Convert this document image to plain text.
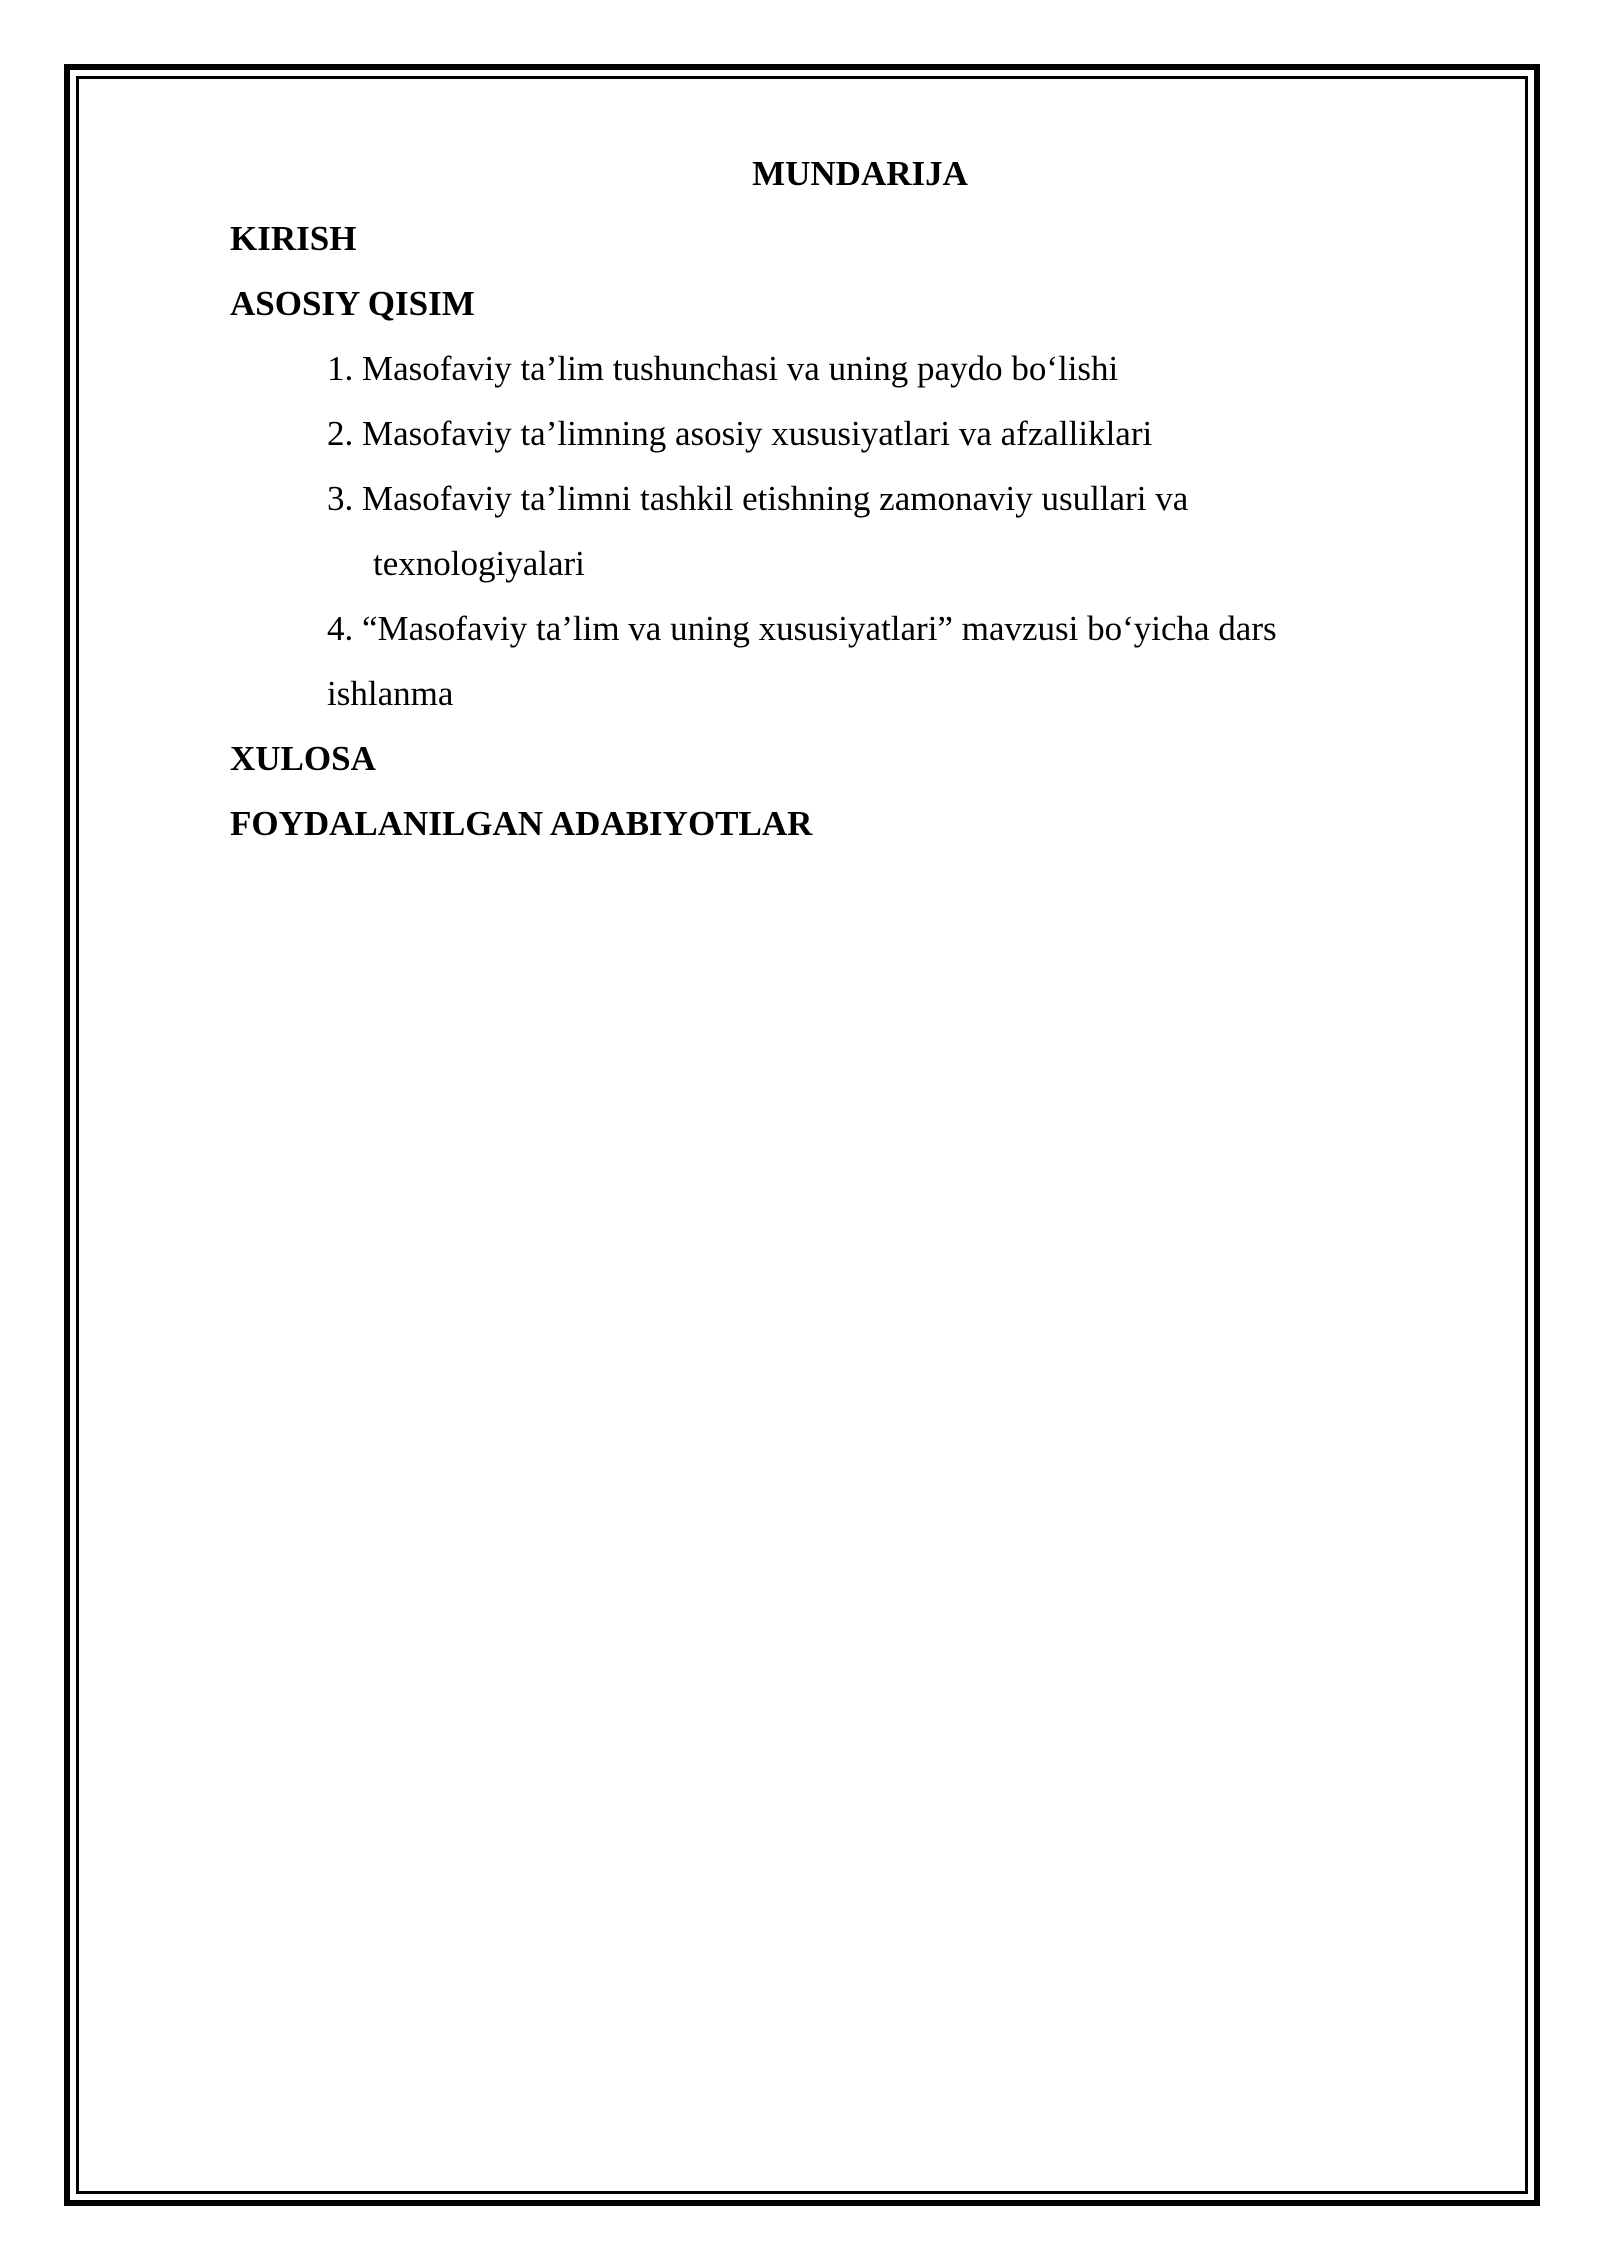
MUNDARIJA
KIRISH
ASOSIY QISIM
1. Masofaviy ta’lim tushunchasi va uning paydo bo‘lishi
2. Masofaviy ta’limning asosiy xususiyatlari va afzalliklari
3. Masofaviy ta’limni tashkil etishning zamonaviy usullari va
texnologiyalari
4. “Masofaviy ta’lim va uning xususiyatlari” mavzusi bo‘yicha dars
ishlanma
XULOSA
FOYDALANILGAN ADABIYOTLAR
